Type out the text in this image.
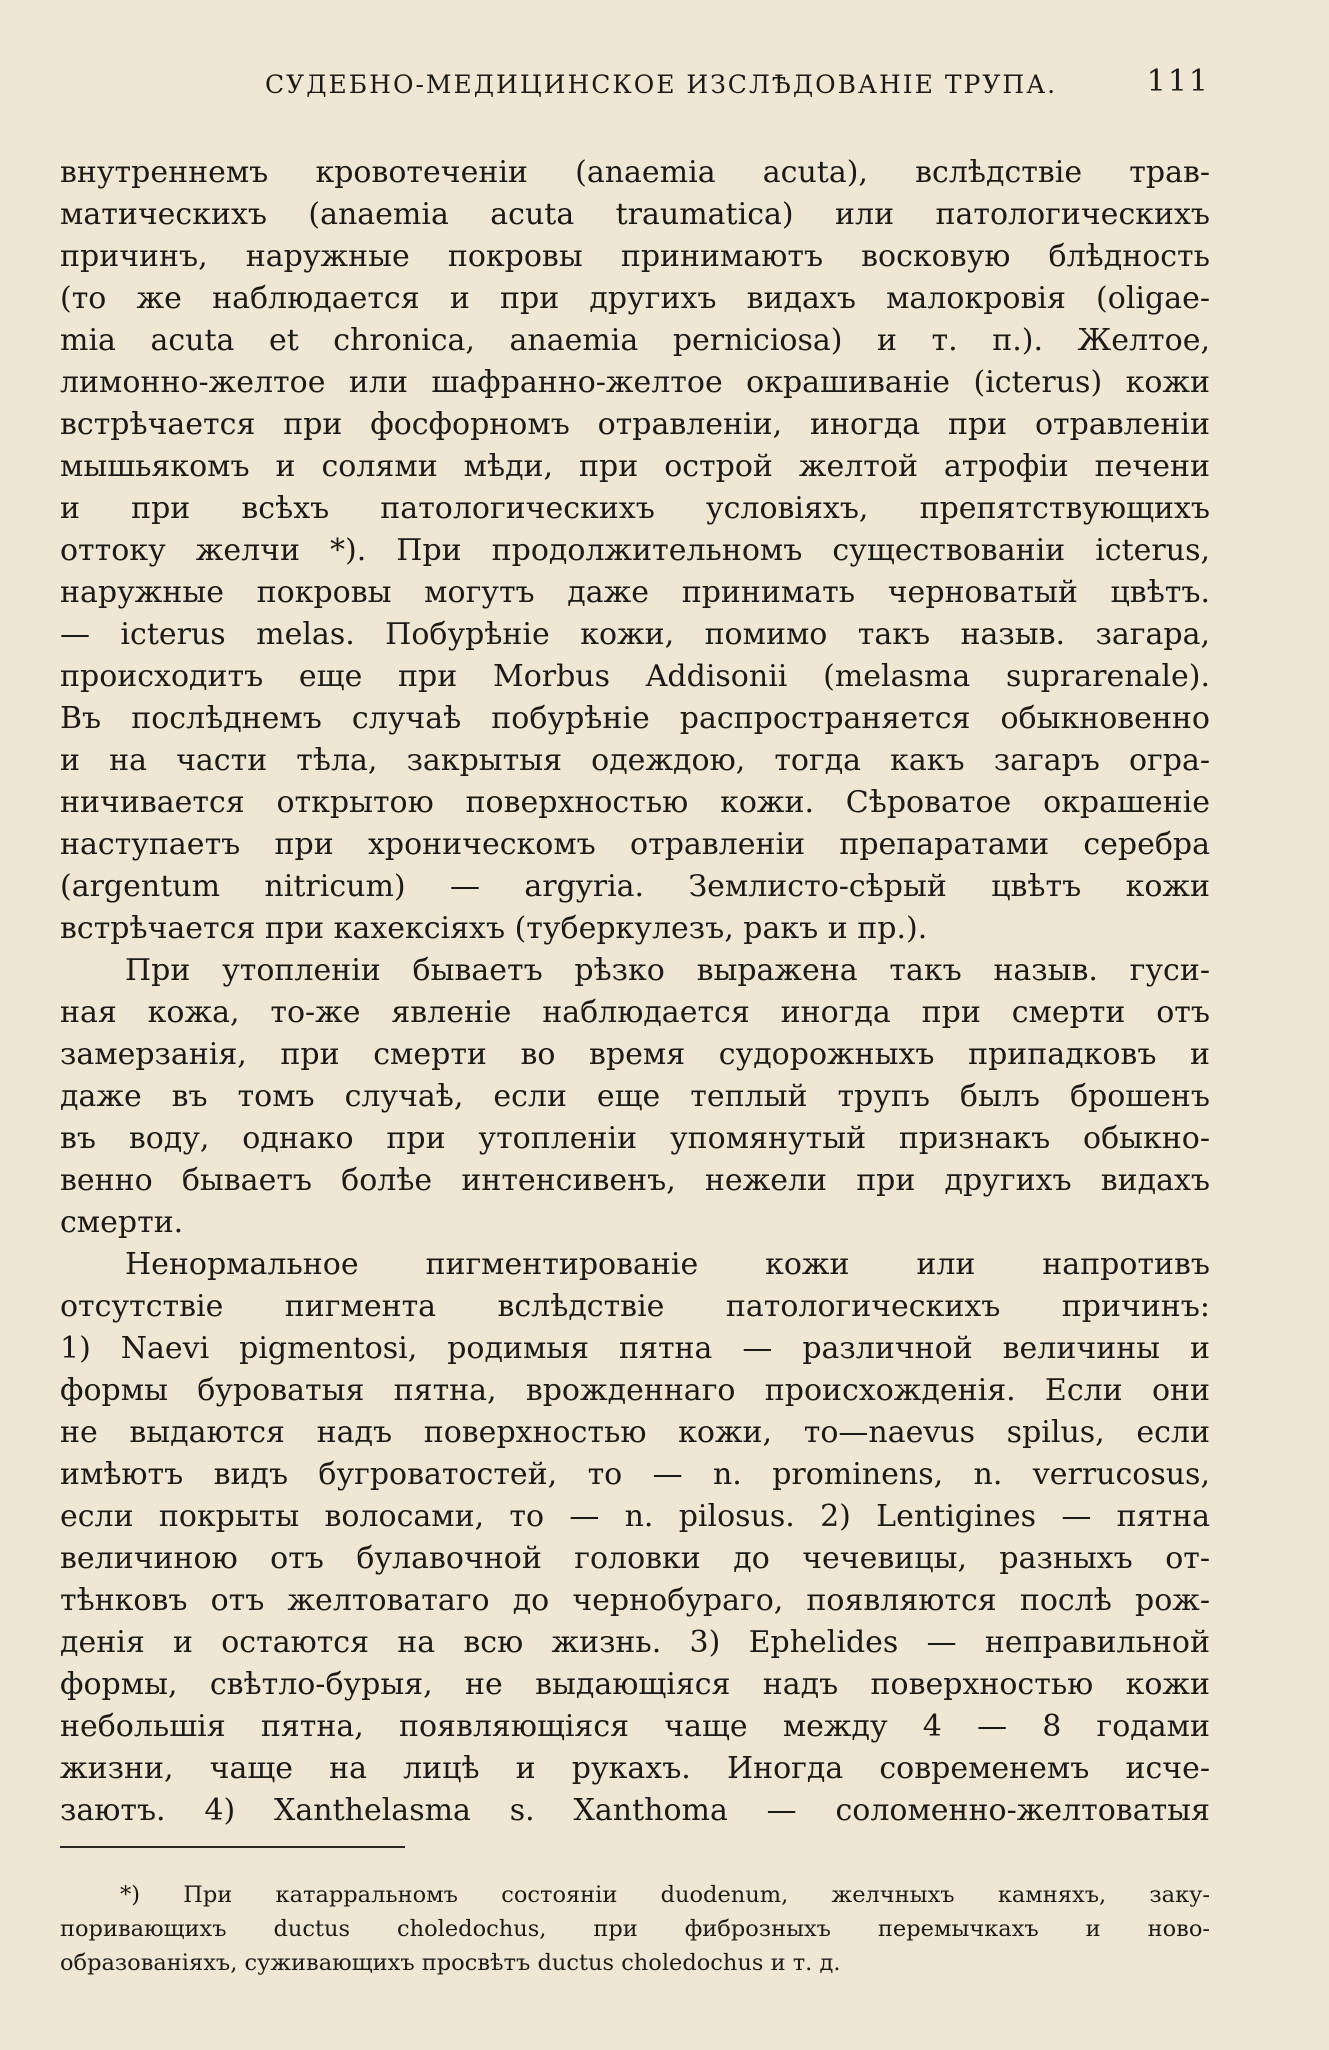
СУДЕБНО-МЕДИЦИНСКОЕ ИЗСЛѢДОВАНІЕ ТРУПА.	111
внутреннемъ кровотеченіи (anaemia acuta), вслѣдствіе трав-
матическихъ (anaemia acuta traumatica) или патологическихъ
причинъ, наружные покровы принимаютъ восковую блѣдность
(то же наблюдается и при другихъ видахъ малокровія (oligae-
mia acuta et chronica, anaemia perniciosa) и т. п.). Желтое,
лимонно-желтое или шафранно-желтое окрашиваніе (icterus) кожи
встрѣчается при фосфорномъ отравленіи, иногда при отравленіи
мышьякомъ и солями мѣди, при острой желтой атрофіи печени
и при всѣхъ патологическихъ условіяхъ, препятствующихъ
оттоку желчи *). При продолжительномъ существованіи icterus,
наружные покровы могутъ даже принимать черноватый цвѣтъ.
— icterus melas. Побурѣніе кожи, помимо такъ назыв. загара,
происходитъ еще при Morbus Addisonii (melasma suprarenale).
Въ послѣднемъ случаѣ побурѣніе распространяется обыкновенно
и на части тѣла, закрытыя одеждою, тогда какъ загаръ огра-
ничивается открытою поверхностью кожи. Сѣроватое окрашеніе
наступаетъ при хроническомъ отравленіи препаратами серебра
(argentum nitricum) — argyria. Землисто-сѣрый цвѣтъ кожи
встрѣчается при кахексіяхъ (туберкулезъ, ракъ и пр.).
При утопленіи бываетъ рѣзко выражена такъ назыв. гуси-
ная кожа, то-же явленіе наблюдается иногда при смерти отъ
замерзанія, при смерти во время судорожныхъ припадковъ и
даже въ томъ случаѣ, если еще теплый трупъ былъ брошенъ
въ воду, однако при утопленіи упомянутый признакъ обыкно-
венно бываетъ болѣе интенсивенъ, нежели при другихъ видахъ
смерти.
Ненормальное пигментированіе кожи или напротивъ
отсутствіе пигмента вслѣдствіе патологическихъ причинъ:
1) Naevi pigmentosi, родимыя пятна — различной величины и
формы буроватыя пятна, врожденнаго происхожденія. Если они
не выдаются надъ поверхностью кожи, то—naevus spilus, если
имѣютъ видъ бугроватостей, то — n. prominens, n. verrucosus,
если покрыты волосами, то — n. pilosus. 2) Lentigines — пятна
величиною отъ булавочной головки до чечевицы, разныхъ от-
тѣнковъ отъ желтоватаго до чернобураго, появляются послѣ рож-
денія и остаются на всю жизнь. 3) Ephelides — неправильной
формы, свѣтло-бурыя, не выдающіяся надъ поверхностью кожи
небольшія пятна, появляющіяся чаще между 4 — 8 годами
жизни, чаще на лицѣ и рукахъ. Иногда современемъ исче-
заютъ. 4) Xanthelasma s. Xanthoma — соломенно-желтоватыя
*) При катарральномъ состояніи duodenum, желчныхъ камняхъ, заку-
поривающихъ ductus choledochus, при фиброзныхъ перемычкахъ и ново-
образованіяхъ, суживающихъ просвѣтъ ductus choledochus и т. д.
